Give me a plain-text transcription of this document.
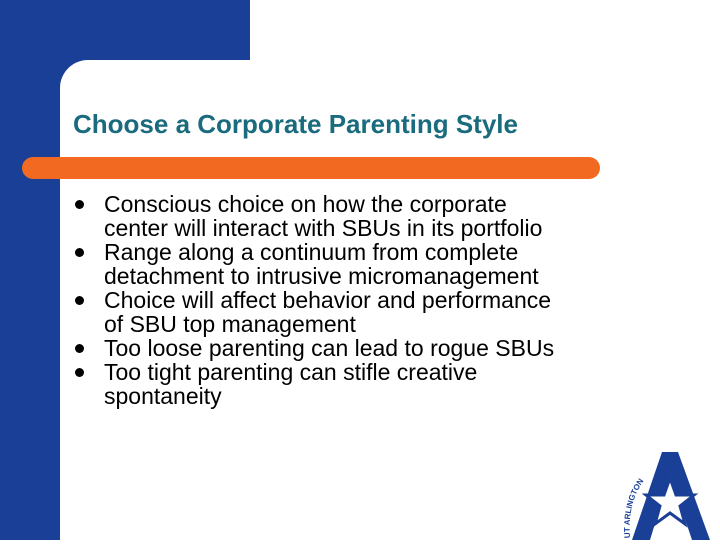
Choose a Corporate Parenting Style
Conscious choice on how the corporate
center will interact with SBUs in its portfolio
Range along a continuum from complete
detachment to intrusive micromanagement
Choice will affect behavior and performance
of SBU top management
Too loose parenting can lead to rogue SBUs
Too tight parenting can stifle creative
spontaneity
UT ARLINGTON
